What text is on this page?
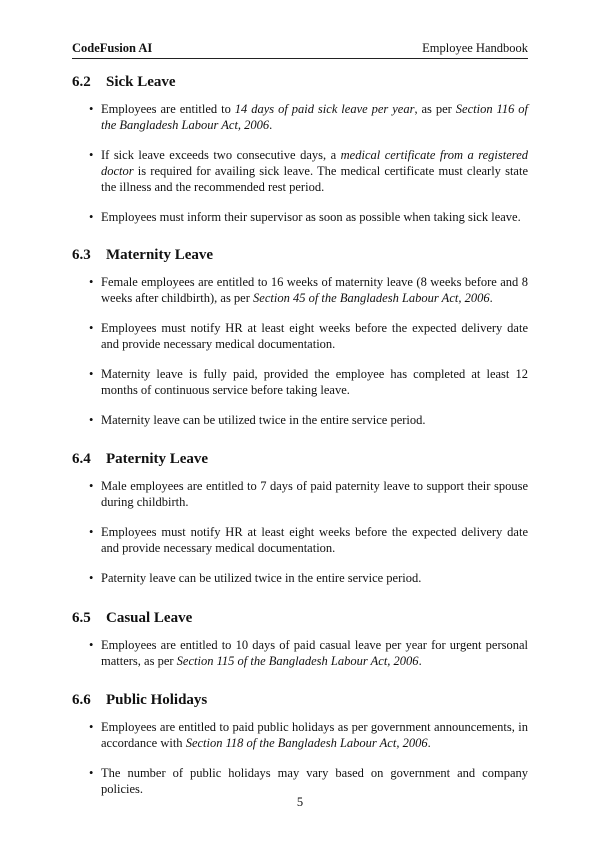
CodeFusion AI	Employee Handbook
6.2 Sick Leave
• Employees are entitled to 14 days of paid sick leave per year, as per Section 116 of the Bangladesh Labour Act, 2006.
• If sick leave exceeds two consecutive days, a medical certificate from a registered doctor is required for availing sick leave. The medical certificate must clearly state the illness and the recommended rest period.
• Employees must inform their supervisor as soon as possible when taking sick leave.
6.3 Maternity Leave
• Female employees are entitled to 16 weeks of maternity leave (8 weeks before and 8 weeks after childbirth), as per Section 45 of the Bangladesh Labour Act, 2006.
• Employees must notify HR at least eight weeks before the expected delivery date and provide necessary medical documentation.
• Maternity leave is fully paid, provided the employee has completed at least 12 months of continuous service before taking leave.
• Maternity leave can be utilized twice in the entire service period.
6.4 Paternity Leave
• Male employees are entitled to 7 days of paid paternity leave to support their spouse during childbirth.
• Employees must notify HR at least eight weeks before the expected delivery date and provide necessary medical documentation.
• Paternity leave can be utilized twice in the entire service period.
6.5 Casual Leave
• Employees are entitled to 10 days of paid casual leave per year for urgent personal matters, as per Section 115 of the Bangladesh Labour Act, 2006.
6.6 Public Holidays
• Employees are entitled to paid public holidays as per government announcements, in accordance with Section 118 of the Bangladesh Labour Act, 2006.
• The number of public holidays may vary based on government and company policies.
5
